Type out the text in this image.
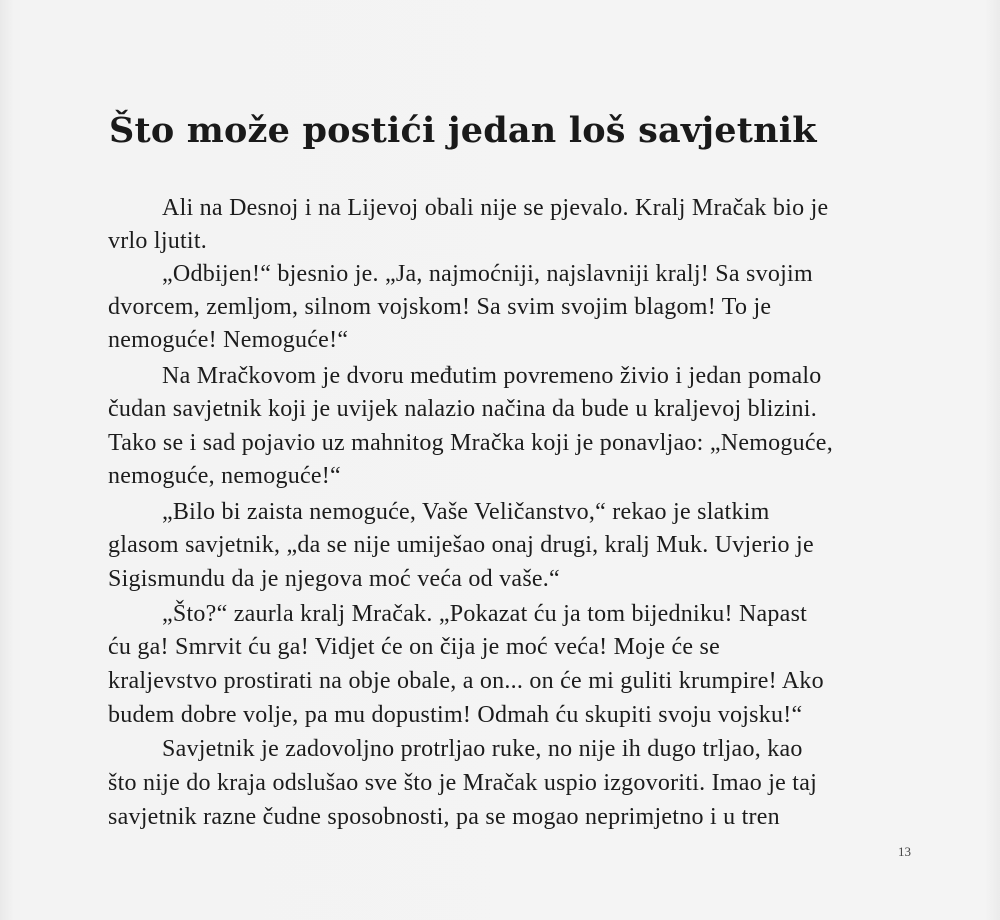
Što može postići jedan loš savjetnik

Ali na Desnoj i na Lijevoj obali nije se pjevalo. Kralj Mračak bio je

vrlo ljutit.

„Odbijen!“ bjesnio je. „Ja, najmoćniji, najslavniji kralj! Sa svojim

dvorcem, zemljom, silnom vojskom! Sa svim svojim blagom! To je

nemoguće! Nemoguće!“

Na Mračkovom je dvoru međutim povremeno živio i jedan pomalo

čudan savjetnik koji je uvijek nalazio načina da bude u kraljevoj blizini.

Tako se i sad pojavio uz mahnitog Mračka koji je ponavljao: „Nemoguće,

nemoguće, nemoguće!“

„Bilo bi zaista nemoguće, Vaše Veličanstvo,“ rekao je slatkim

glasom savjetnik, „da se nije umiješao onaj drugi, kralj Muk. Uvjerio je

Sigismundu da je njegova moć veća od vaše.“

„Što?“ zaurla kralj Mračak. „Pokazat ću ja tom bijedniku! Napast

ću ga! Smrvit ću ga! Vidjet će on čija je moć veća! Moje će se

kraljevstvo prostirati na obje obale, a on... on će mi guliti krumpire! Ako

budem dobre volje, pa mu dopustim! Odmah ću skupiti svoju vojsku!“

Savjetnik je zadovoljno protrljao ruke, no nije ih dugo trljao, kao

što nije do kraja odslušao sve što je Mračak uspio izgovoriti. Imao je taj

savjetnik razne čudne sposobnosti, pa se mogao neprimjetno i u tren

13
